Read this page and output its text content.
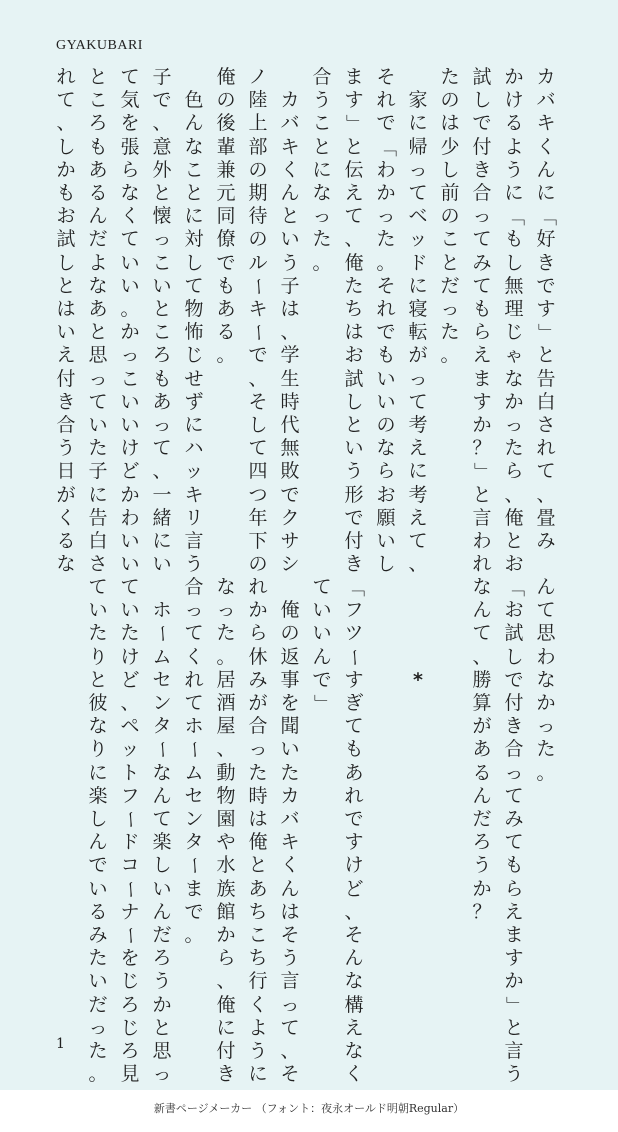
GYAKUBARI
カ
バ
キ
く
ん
に
「
好
き
で
す
」
と
告
白
さ
れ
て
、
畳
み
か
け
る
よ
う
に
「
も
し
無
理
じ
ゃ
な
か
っ
た
ら
、
俺
と
お
試
し
で
付
き
合
っ
て
み
て
も
ら
え
ま
す
か
？
」
と
言
わ
れ
た
の
は
少
し
前
の
こ
と
だ
っ
た
。

家
に
帰
っ
て
ベ
ッ
ド
に
寝
転
が
っ
て
考
え
に
考
え
て
、
そ
れ
で
「
わ
か
っ
た
。
そ
れ
で
も
い
い
の
な
ら
お
願
い
し
ま
す
」
と
伝
え
て
、
俺
た
ち
は
お
試
し
と
い
う
形
で
付
き
合
う
こ
と
に
な
っ
た
。

カ
バ
キ
く
ん
と
い
う
子
は
、
学
生
時
代
無
敗
で
ク
サ
シ
ノ
陸
上
部
の
期
待
の
ル
ー
キ
ー
で
、
そ
し
て
四
つ
年
下
の
俺
の
後
輩
兼
元
同
僚
で
も
あ
る
。

色
ん
な
こ
と
に
対
し
て
物
怖
じ
せ
ず
に
ハ
ッ
キ
リ
言
う
子
で
、
意
外
と
懐
っ
こ
い
と
こ
ろ
も
あ
っ
て
、
一
緒
に
い
て
気
を
張
ら
な
く
て
い
い
。
か
っ
こ
い
い
け
ど
か
わ
い
い
と
こ
ろ
も
あ
る
ん
だ
よ
な
あ
と
思
っ
て
い
た
子
に
告
白
さ
れ
て
、
し
か
も
お
試
し
と
は
い
え
付
き
合
う
日
が
く
る
な
ん
て
思
わ
な
か
っ
た
。
「
お
試
し
で
付
き
合
っ
て
み
て
も
ら
え
ま
す
か
」
と
言
う
な
ん
て
、
勝
算
が
あ
る
ん
だ
ろ
う
か
？

*
「
フ
ツ
ー
す
ぎ
て
も
あ
れ
で
す
け
ど
、
そ
ん
な
構
え
な
く
て
い
い
ん
で
」

俺
の
返
事
を
聞
い
た
カ
バ
キ
く
ん
は
そ
う
言
っ
て
、
そ
れ
か
ら
休
み
が
合
っ
た
時
は
俺
と
あ
ち
こ
ち
行
く
よ
う
に
な
っ
た
。
居
酒
屋
、
動
物
園
や
水
族
館
か
ら
、
俺
に
付
き
合
っ
て
く
れ
て
ホ
ー
ム
セ
ン
タ
ー
ま
で
。

ホ
ー
ム
セ
ン
タ
ー
な
ん
て
楽
し
い
ん
だ
ろ
う
か
と
思
っ
て
い
た
け
ど
、
ペ
ッ
ト
フ
ー
ド
コ
ー
ナ
ー
を
じ
ろ
じ
ろ
見
て
い
た
り
と
彼
な
り
に
楽
し
ん
で
い
る
み
た
い
だ
っ
た
。
1
新書ページメーカー （フォント：夜永オールド明朝Regular）
